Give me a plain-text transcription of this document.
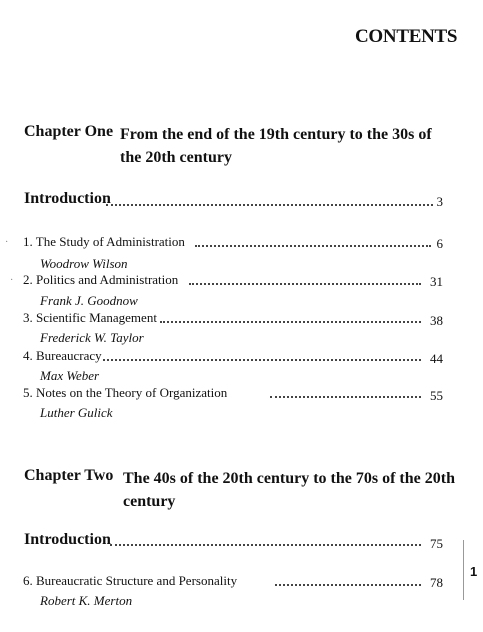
CONTENTS
Chapter One From the end of the 19th century to the 30s of the 20th century
Introduction	3
· 1. The Study of Administration	6
Woodrow Wilson
· 2. Politics and Administration	31
Frank J. Goodnow
3. Scientific Management	38
Frederick W. Taylor
4. Bureaucracy	44
Max Weber
5. Notes on the Theory of Organization	55
Luther Gulick
Chapter Two The 40s of the 20th century to the 70s of the 20th century
Introduction	75
6. Bureaucratic Structure and Personality	78
Robert K. Merton
1
